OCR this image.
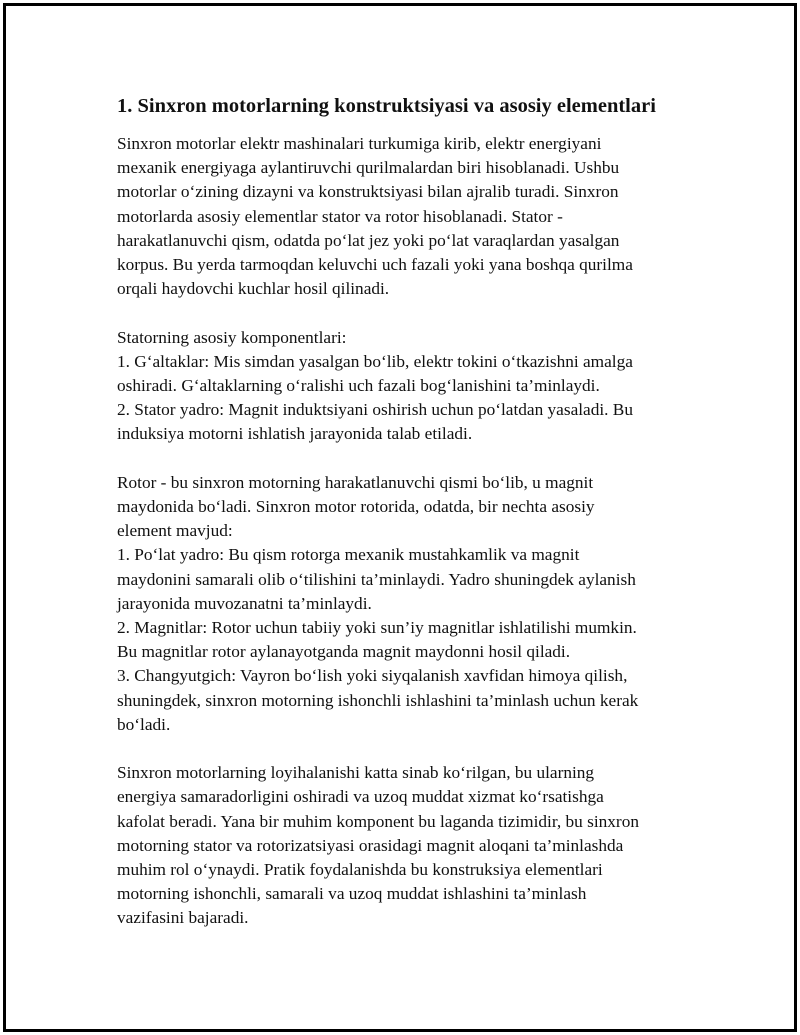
1. Sinxron motorlarning konstruktsiyasi va asosiy elementlari

Sinxron motorlar elektr mashinalari turkumiga kirib, elektr energiyani
mexanik energiyaga aylantiruvchi qurilmalardan biri hisoblanadi. Ushbu
motorlar o‘zining dizayni va konstruktsiyasi bilan ajralib turadi. Sinxron
motorlarda asosiy elementlar stator va rotor hisoblanadi. Stator -
harakatlanuvchi qism, odatda po‘lat jez yoki po‘lat varaqlardan yasalgan
korpus. Bu yerda tarmoqdan keluvchi uch fazali yoki yana boshqa qurilma
orqali haydovchi kuchlar hosil qilinadi.

Statorning asosiy komponentlari:
1. G‘altaklar: Mis simdan yasalgan bo‘lib, elektr tokini o‘tkazishni amalga
oshiradi. G‘altaklarning o‘ralishi uch fazali bog‘lanishini ta’minlaydi.
2. Stator yadro: Magnit induktsiyani oshirish uchun po‘latdan yasaladi. Bu
induksiya motorni ishlatish jarayonida talab etiladi.

Rotor - bu sinxron motorning harakatlanuvchi qismi bo‘lib, u magnit
maydonida bo‘ladi. Sinxron motor rotorida, odatda, bir nechta asosiy
element mavjud:
1. Po‘lat yadro: Bu qism rotorga mexanik mustahkamlik va magnit
maydonini samarali olib o‘tilishini ta’minlaydi. Yadro shuningdek aylanish
jarayonida muvozanatni ta’minlaydi.
2. Magnitlar: Rotor uchun tabiiy yoki sun’iy magnitlar ishlatilishi mumkin.
Bu magnitlar rotor aylanayotganda magnit maydonni hosil qiladi.
3. Changyutgich: Vayron bo‘lish yoki siyqalanish xavfidan himoya qilish,
shuningdek, sinxron motorning ishonchli ishlashini ta’minlash uchun kerak
bo‘ladi.

Sinxron motorlarning loyihalanishi katta sinab ko‘rilgan, bu ularning
energiya samaradorligini oshiradi va uzoq muddat xizmat ko‘rsatishga
kafolat beradi. Yana bir muhim komponent bu laganda tizimidir, bu sinxron
motorning stator va rotorizatsiyasi orasidagi magnit aloqani ta’minlashda
muhim rol o‘ynaydi. Pratik foydalanishda bu konstruksiya elementlari
motorning ishonchli, samarali va uzoq muddat ishlashini ta’minlash
vazifasini bajaradi.
